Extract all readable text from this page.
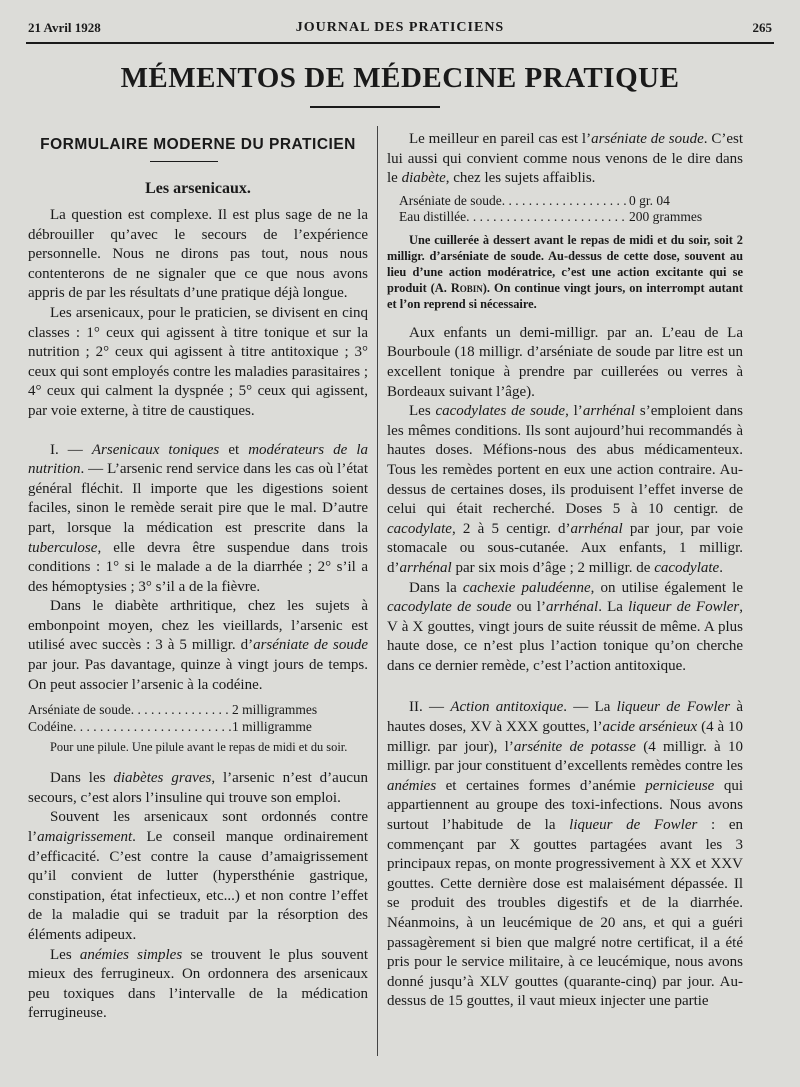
21 Avril 1928	JOURNAL DES PRATICIENS	265
MÉMENTOS DE MÉDECINE PRATIQUE
FORMULAIRE MODERNE DU PRATICIEN
Les arsenicaux.

La question est complexe. Il est plus sage de ne la débrouiller qu’avec le secours de l’expérience personnelle. Nous ne dirons pas tout, nous nous contenterons de ne signaler que ce que nous avons appris de par les résultats d’une pratique déjà longue.

Les arsenicaux, pour le praticien, se divisent en cinq classes : 1° ceux qui agissent à titre tonique et sur la nutrition ; 2° ceux qui agissent à titre antitoxique ; 3° ceux qui sont employés contre les maladies parasitaires ; 4° ceux qui calment la dyspnée ; 5° ceux qui agissent, par voie externe, à titre de caustiques.

I. — Arsenicaux toniques et modérateurs de la nutrition. — L’arsenic rend service dans les cas où l’état général fléchit. Il importe que les digestions soient faciles, sinon le remède serait pire que le mal. D’autre part, lorsque la médication est prescrite dans la tuberculose, elle devra être suspendue dans trois conditions : 1° si le malade a de la diarrhée ; 2° s’il a des hémoptysies ; 3° s’il a de la fièvre.

Dans le diabète arthritique, chez les sujets à embonpoint moyen, chez les vieillards, l’arsenic est utilisé avec succès : 3 à 5 milligr. d’arséniate de soude par jour. Pas davantage, quinze à vingt jours de temps. On peut associer l’arsenic à la codéine.

Arséniate de soude . . .	2 milligrammes
Codéine . . .	1 milligramme

Pour une pilule. Une pilule avant le repas de midi et du soir.

Dans les diabètes graves, l’arsenic n’est d’aucun secours, c’est alors l’insuline qui trouve son emploi.

Souvent les arsenicaux sont ordonnés contre l’amaigrissement. Le conseil manque ordinairement d’efficacité. C’est contre la cause d’amaigrissement qu’il convient de lutter (hypersthénie gastrique, constipation, état infectieux, etc...) et non contre l’effet de la maladie qui se traduit par la résorption des éléments adipeux.

Les anémies simples se trouvent le plus souvent mieux des ferrugineux. On ordonnera des arsenicaux peu toxiques dans l’intervalle de la médication ferrugineuse.

Le meilleur en pareil cas est l’arséniate de soude. C’est lui aussi qui convient comme nous venons de le dire dans le diabète, chez les sujets affaiblis.

Arséniate de soude . . .	0 gr. 04
Eau distillée . . .	200 grammes

Une cuillerée à dessert avant le repas de midi et du soir, soit 2 milligr. d’arséniate de soude. Au-dessus de cette dose, souvent au lieu d’une action modératrice, c’est une action excitante qui se produit (A. Robin). On continue vingt jours, on interrompt autant et l’on reprend si nécessaire.

Aux enfants un demi-milligr. par an. L’eau de La Bourboule (18 milligr. d’arséniate de soude par litre est un excellent tonique à prendre par cuillerées ou verres à Bordeaux suivant l’âge).

Les cacodylates de soude, l’arrhénal s’emploient dans les mêmes conditions. Ils sont aujourd’hui recommandés à hautes doses. Méfions-nous des abus médicamenteux. Tous les remèdes portent en eux une action contraire. Au-dessus de certaines doses, ils produisent l’effet inverse de celui qui était recherché. Doses 5 à 10 centigr. de cacodylate, 2 à 5 centigr. d’arrhénal par jour, par voie stomacale ou sous-cutanée. Aux enfants, 1 milligr. d’arrhénal par six mois d’âge ; 2 milligr. de cacodylate.

Dans la cachexie paludéenne, on utilise également le cacodylate de soude ou l’arrhénal. La liqueur de Fowler, V à X gouttes, vingt jours de suite réussit de même. A plus haute dose, ce n’est plus l’action tonique qu’on cherche dans ce dernier remède, c’est l’action antitoxique.

II. — Action antitoxique. — La liqueur de Fowler à hautes doses, XV à XXX gouttes, l’acide arsénieux (4 à 10 milligr. par jour), l’arsénite de potasse (4 milligr. à 10 milligr. par jour constituent d’excellents remèdes contre les anémies et certaines formes d’anémie pernicieuse qui appartiennent au groupe des toxi-infections. Nous avons surtout l’habitude de la liqueur de Fowler : en commençant par X gouttes partagées avant les 3 principaux repas, on monte progressivement à XX et XXV gouttes. Cette dernière dose est malaisément dépassée. Il se produit des troubles digestifs et de la diarrhée. Néanmoins, à un leucémique de 20 ans, et qui a guéri passagèrement si bien que malgré notre certificat, il a été pris pour le service militaire, à ce leucémique, nous avons donné jusqu’à XLV gouttes (quarante-cinq) par jour. Au-dessus de 15 gouttes, il vaut mieux injecter une partie
